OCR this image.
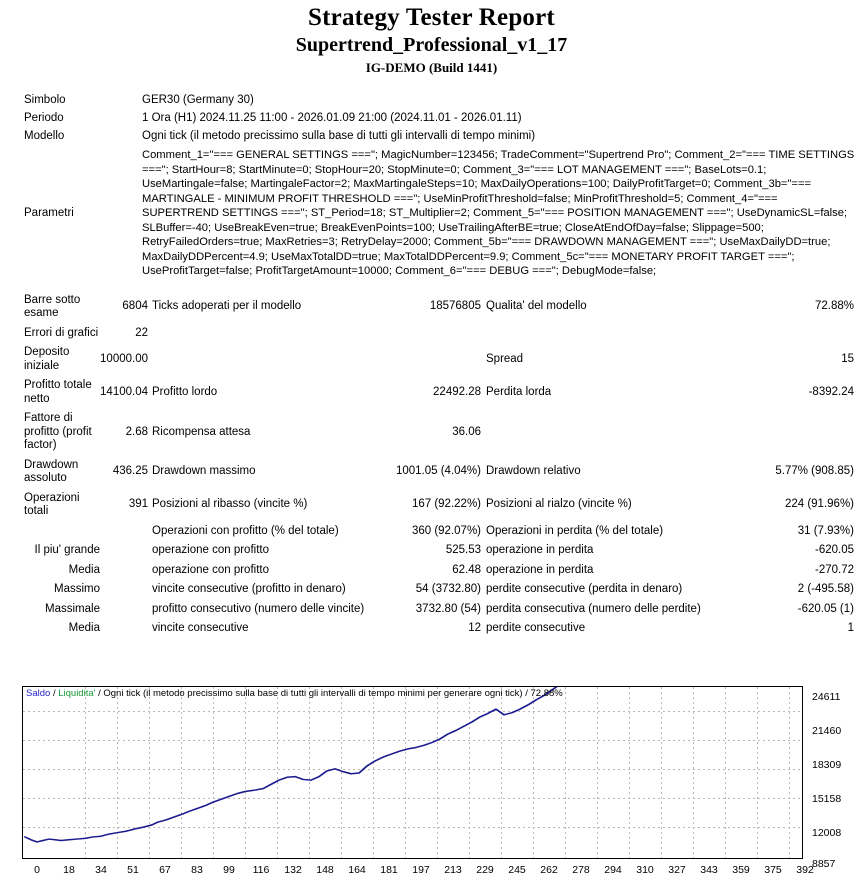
Strategy Tester Report
Supertrend_Professional_v1_17
IG-DEMO (Build 1441)
Simbolo	GER30 (Germany 30)
Periodo	1 Ora (H1) 2024.11.25 11:00 - 2026.01.09 21:00 (2024.11.01 - 2026.01.11)
Modello	Ogni tick (il metodo precissimo sulla base di tutti gli intervalli di tempo minimi)
Parametri	Comment_1="=== GENERAL SETTINGS ==="; MagicNumber=123456; TradeComment="Supertrend Pro"; Comment_2="=== TIME SETTINGS ==="; StartHour=8; StartMinute=0; StopHour=20; StopMinute=0; Comment_3="=== LOT MANAGEMENT ==="; BaseLots=0.1; UseMartingale=false; MartingaleFactor=2; MaxMartingaleSteps=10; MaxDailyOperations=100; DailyProfitTarget=0; Comment_3b="=== MARTINGALE - MINIMUM PROFIT THRESHOLD ==="; UseMinProfitThreshold=false; MinProfitThreshold=5; Comment_4="=== SUPERTREND SETTINGS ==="; ST_Period=18; ST_Multiplier=2; Comment_5="=== POSITION MANAGEMENT ==="; UseDynamicSL=false; SLBuffer=-40; UseBreakEven=true; BreakEvenPoints=100; UseTrailingAfterBE=true; CloseAtEndOfDay=false; Slippage=500; RetryFailedOrders=true; MaxRetries=3; RetryDelay=2000; Comment_5b="=== DRAWDOWN MANAGEMENT ==="; UseMaxDailyDD=true; MaxDailyDDPercent=4.9; UseMaxTotalDD=true; MaxTotalDDPercent=9.9; Comment_5c="=== MONETARY PROFIT TARGET ==="; UseProfitTarget=false; ProfitTargetAmount=10000; Comment_6="=== DEBUG ==="; DebugMode=false;
Barre sotto esame	6804	Ticks adoperati per il modello	18576805	Qualita' del modello	72.88%
Errori di grafici	22				
Deposito iniziale	10000.00			Spread	15
Profitto totale netto	14100.04	Profitto lordo	22492.28	Perdita lorda	-8392.24
Fattore di profitto (profit factor)	2.68	Ricompensa attesa	36.06		
Drawdown assoluto	436.25	Drawdown massimo	1001.05 (4.04%)	Drawdown relativo	5.77% (908.85)
Operazioni totali	391	Posizioni al ribasso (vincite %)	167 (92.22%)	Posizioni al rialzo (vincite %)	224 (91.96%)
		Operazioni con profitto (% del totale)	360 (92.07%)	Operazioni in perdita (% del totale)	31 (7.93%)
Il piu' grande		operazione con profitto	525.53	operazione in perdita	-620.05
Media		operazione con profitto	62.48	operazione in perdita	-270.72
Massimo		vincite consecutive (profitto in denaro)	54 (3732.80)	perdite consecutive (perdita in denaro)	2 (-495.58)
Massimale		profitto consecutivo (numero delle vincite)	3732.80 (54)	perdita consecutiva (numero delle perdite)	-620.05 (1)
Media		vincite consecutive	12	perdite consecutive	1
Saldo / Liquidita' / Ogni tick (il metodo precissimo sulla base di tutti gli intervalli di tempo minimi per generare ogni tick) / 72.88%	24611
21460
18309
15158
12008
8857
0 18 34 51 67 83 99 116 132 148 164 181 197 213 229 245 262 278 294 310 327 343 359 375 392
